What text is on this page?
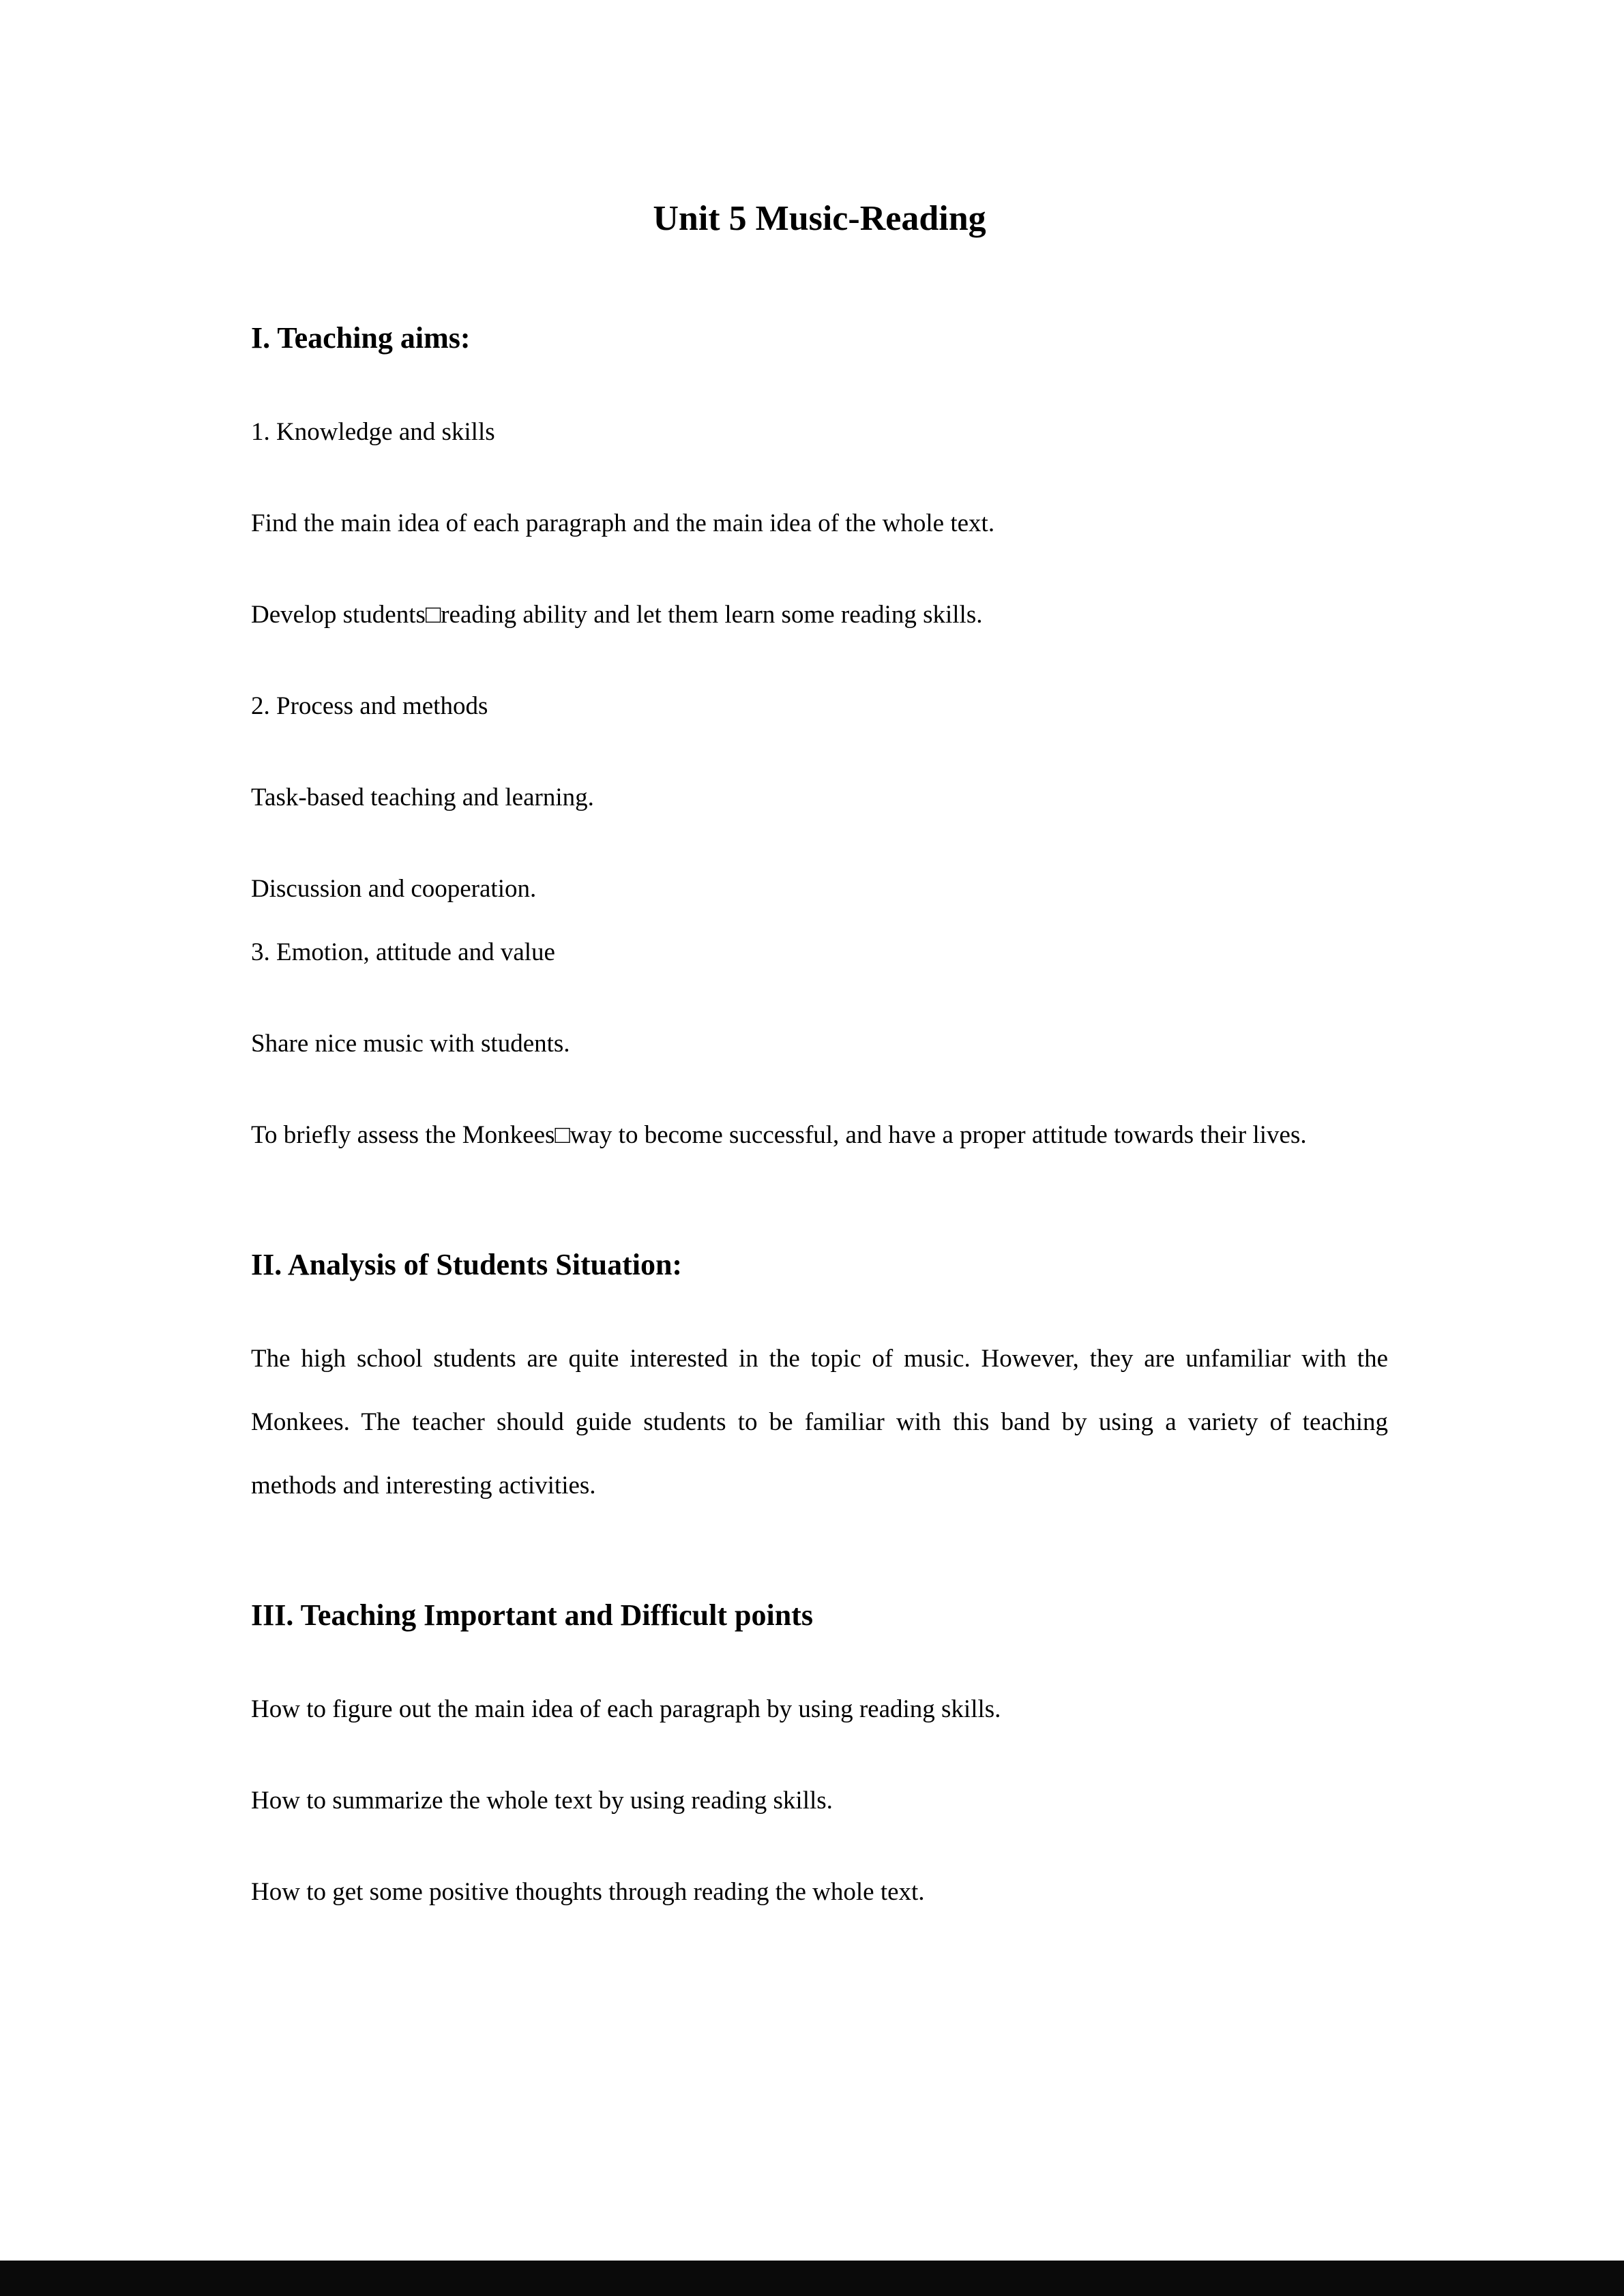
Unit 5 Music-Reading
I. Teaching aims:

1. Knowledge and skills

Find the main idea of each paragraph and the main idea of the whole text.

Develop students□reading ability and let them learn some reading skills.

2. Process and methods

Task-based teaching and learning.

Discussion and cooperation.

3. Emotion, attitude and value

Share nice music with students.

To briefly assess the Monkees□way to become successful, and have a proper attitude towards their lives.

II. Analysis of Students Situation:

The high school students are quite interested in the topic of music. However, they are unfamiliar with the Monkees. The teacher should guide students to be familiar with this band by using a variety of teaching methods and interesting activities.

III. Teaching Important and Difficult points

How to figure out the main idea of each paragraph by using reading skills.

How to summarize the whole text by using reading skills.

How to get some positive thoughts through reading the whole text.
